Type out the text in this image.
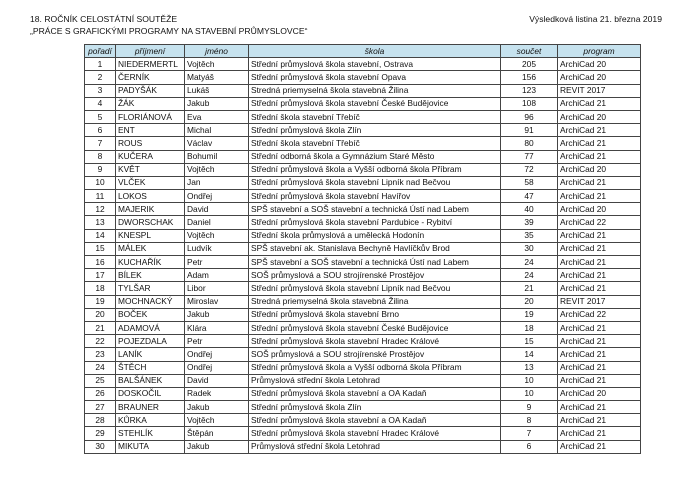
18. ROČNÍK CELOSTÁTNÍ SOUTĚŽE
„PRÁCE S GRAFICKÝMI PROGRAMY NA STAVEBNÍ PRŮMYSLOVCE“
Výsledková listina 21. března 2019
pořadí	příjmení	jméno	škola	součet	program
1	NIEDERMERTL	Vojtěch	Střední průmyslová škola stavební, Ostrava	205	ArchiCad 20
2	ČERNÍK	Matyáš	Střední průmyslová škola stavební Opava	156	ArchiCad 20
3	PADYŠÁK	Lukáš	Stredná priemyselná škola stavebná Žilina	123	REVIT 2017
4	ŽÁK	Jakub	Střední průmyslová škola stavební České Budějovice	108	ArchiCad 21
5	FLORIÁNOVÁ	Eva	Střední škola stavební Třebíč	96	ArchiCad 20
6	ENT	Michal	Střední průmyslová škola Zlín	91	ArchiCad 21
7	ROUS	Václav	Střední škola stavební Třebíč	80	ArchiCad 21
8	KUČERA	Bohumil	Střední odborná škola a Gymnázium Staré Město	77	ArchiCad 21
9	KVĚT	Vojtěch	Střední průmyslová škola a Vyšší odborná škola Příbram	72	ArchiCad 20
10	VLČEK	Jan	Střední průmyslová škola stavební Lipník nad Bečvou	58	ArchiCad 21
11	LOKOS	Ondřej	Střední průmyslová škola stavební Havířov	47	ArchiCad 21
12	MAJERIK	David	SPŠ stavební a SOŠ stavební a technická Ústí nad Labem	40	ArchiCad 20
13	DWORSCHAK	Daniel	Střední průmyslová škola stavební Pardubice - Rybitví	39	ArchiCad 22
14	KNESPL	Vojtěch	Střední škola průmyslová a umělecká Hodonín	35	ArchiCad 21
15	MÁLEK	Ludvík	SPŠ stavební ak. Stanislava Bechyně Havlíčkův Brod	30	ArchiCad 21
16	KUCHAŘÍK	Petr	SPŠ stavební a SOŠ stavební a technická Ústí nad Labem	24	ArchiCad 21
17	BÍLEK	Adam	SOŠ průmyslová a SOU strojírenské Prostějov	24	ArchiCad 21
18	TYLŠAR	Libor	Střední průmyslová škola stavební Lipník nad Bečvou	21	ArchiCad 21
19	MOCHNACKÝ	Miroslav	Stredná priemyselná škola stavebná Žilina	20	REVIT 2017
20	BOČEK	Jakub	Střední průmyslová škola stavební Brno	19	ArchiCad 22
21	ADAMOVÁ	Klára	Střední průmyslová škola stavební České Budějovice	18	ArchiCad 21
22	POJEZDALA	Petr	Střední průmyslová škola stavební Hradec Králové	15	ArchiCad 21
23	LANÍK	Ondřej	SOŠ průmyslová a SOU strojírenské Prostějov	14	ArchiCad 21
24	ŠTĚCH	Ondřej	Střední průmyslová škola a Vyšší odborná škola Příbram	13	ArchiCad 21
25	BALŠÁNEK	David	Průmyslová střední škola Letohrad	10	ArchiCad 21
26	DOSKOČIL	Radek	Střední průmyslová škola stavební a OA Kadaň	10	ArchiCad 20
27	BRAUNER	Jakub	Střední průmyslová škola Zlín	9	ArchiCad 21
28	KŮRKA	Vojtěch	Střední průmyslová škola stavební a OA Kadaň	8	ArchiCad 21
29	STEHLÍK	Štěpán	Střední průmyslová škola stavební Hradec Králové	7	ArchiCad 21
30	MIKUTA	Jakub	Průmyslová střední škola Letohrad	6	ArchiCad 21
